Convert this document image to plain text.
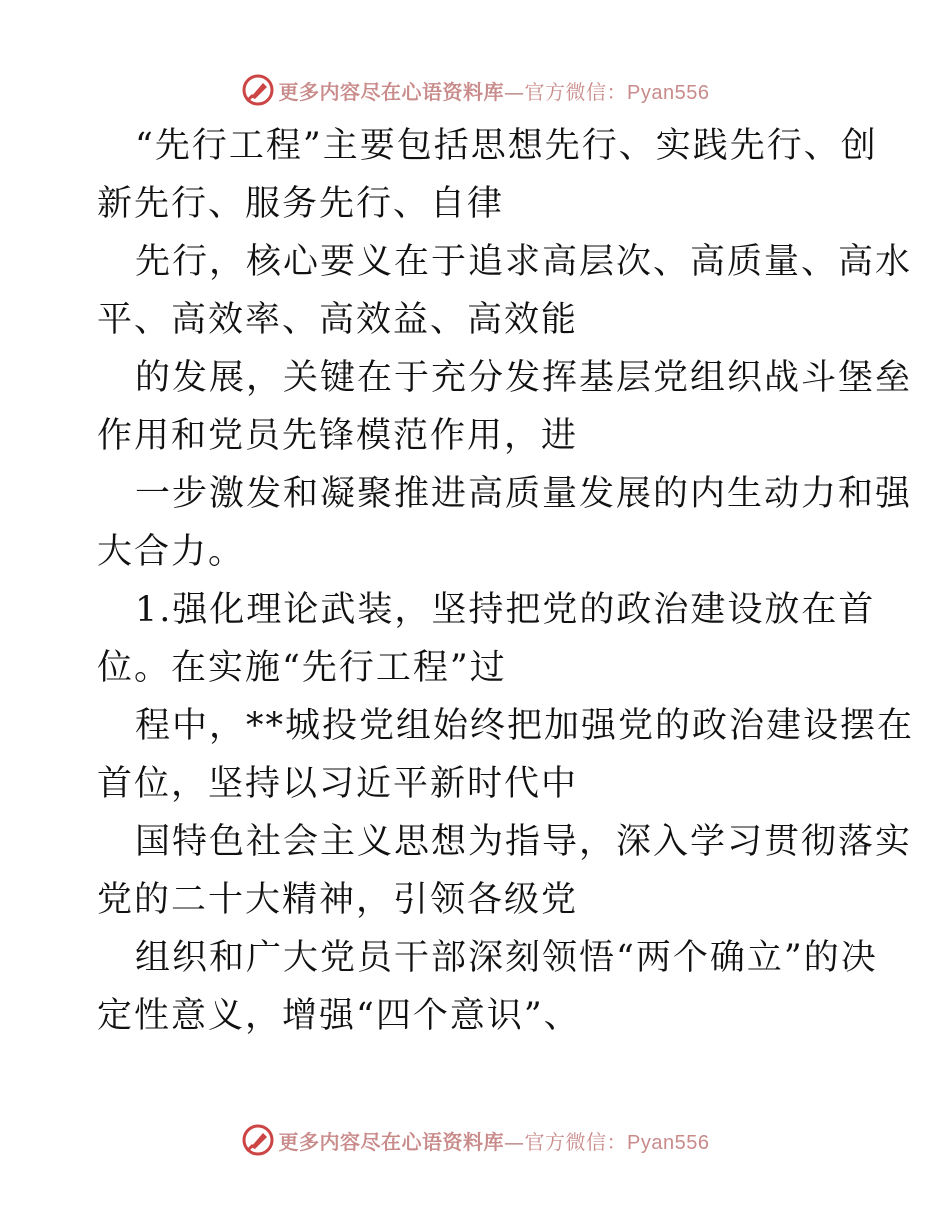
更多内容尽在心语资料库—官方微信：Pyan556
“先行工程”主要包括思想先行、实践先行、创
新先行、服务先行、自律
先行，核心要义在于追求高层次、高质量、高水
平、高效率、高效益、高效能
的发展，关键在于充分发挥基层党组织战斗堡垒
作用和党员先锋模范作用，进
一步激发和凝聚推进高质量发展的内生动力和强
大合力。
1.强化理论武装，坚持把党的政治建设放在首
位。在实施“先行工程”过
程中，**城投党组始终把加强党的政治建设摆在
首位，坚持以习近平新时代中
国特色社会主义思想为指导，深入学习贯彻落实
党的二十大精神，引领各级党
组织和广大党员干部深刻领悟“两个确立”的决
定性意义，增强“四个意识”、
更多内容尽在心语资料库—官方微信：Pyan556
